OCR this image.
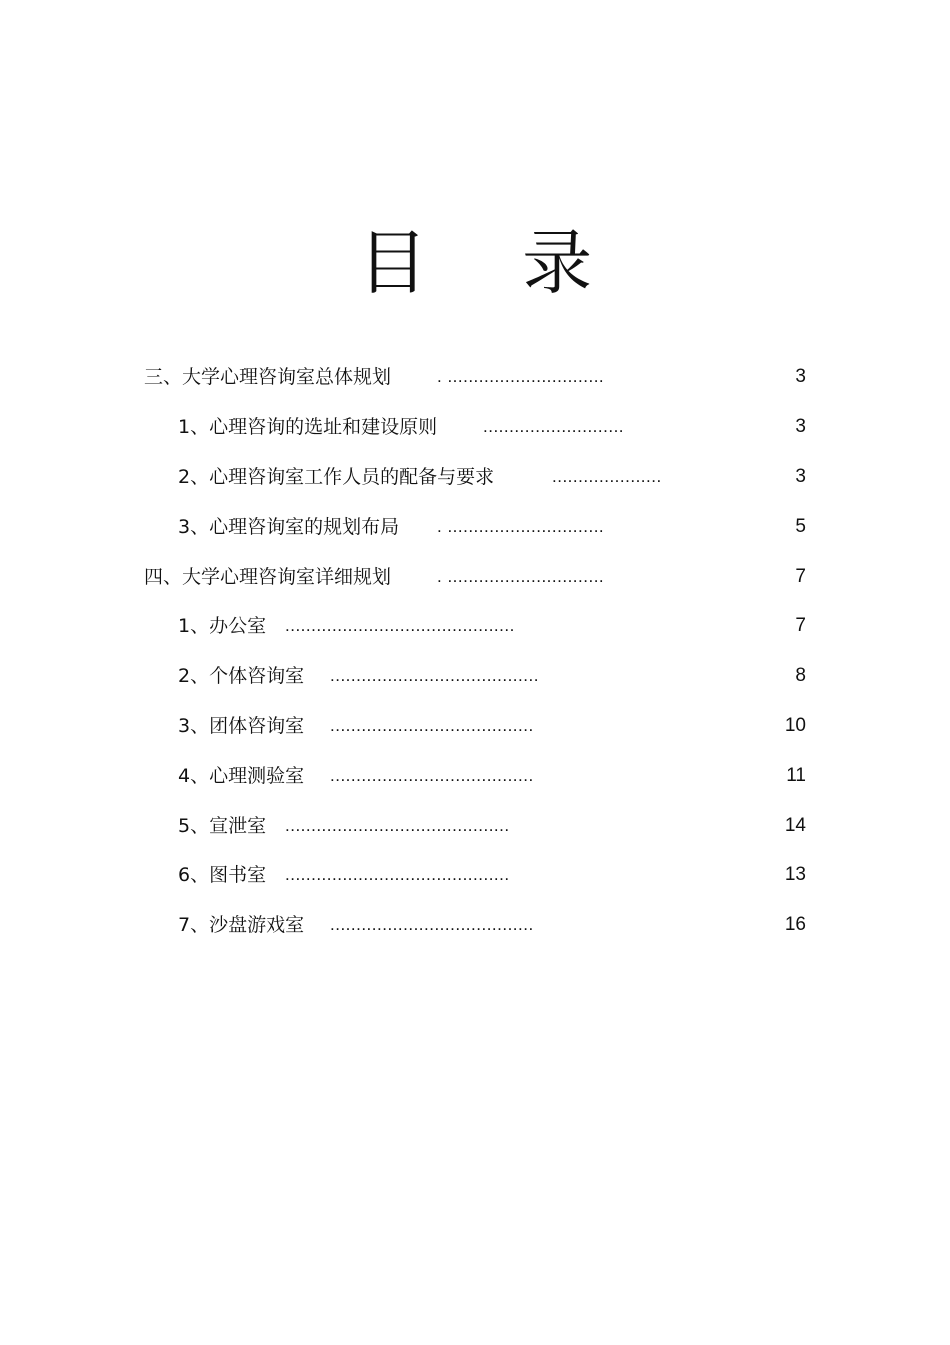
目 录
三、大学心理咨询室总体规划	. ..............................	3
1、心理咨询的选址和建设原则	...........................	3
2、心理咨询室工作人员的配备与要求	.....................	3
3、心理咨询室的规划布局 . ..............................	5
四、大学心理咨询室详细规划	. ..............................	7
1、办公室 ............................................	7
2、个体咨询室 ........................................	8
3、团体咨询室 .......................................	10
4、心理测验室 .......................................	11
5、宣泄室 ...........................................	14
6、图书室 ...........................................	13
7、沙盘游戏室 .......................................	16
